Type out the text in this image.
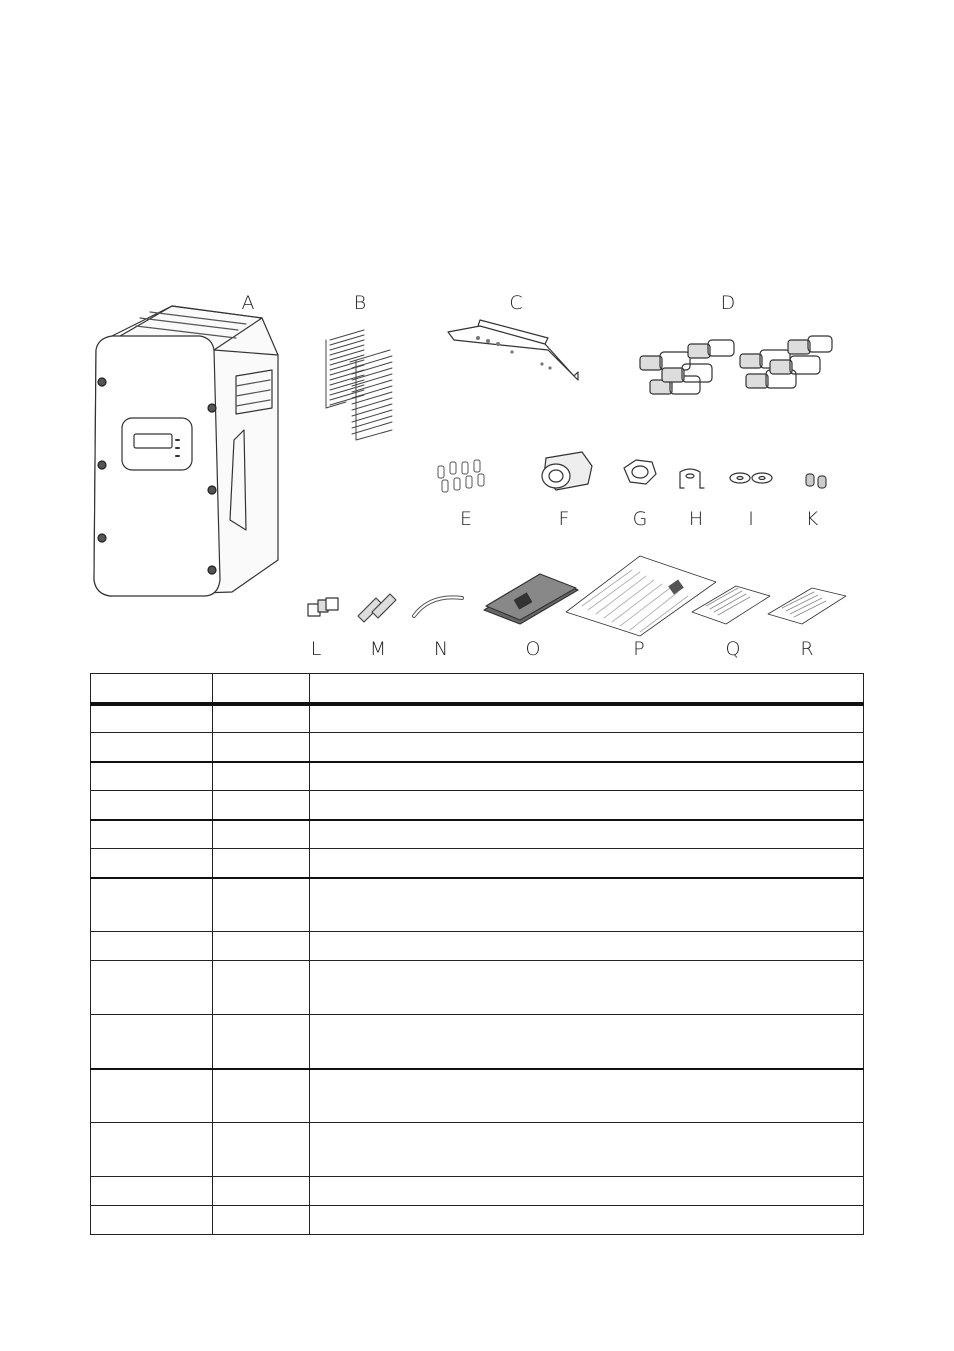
A	B	C	D
E	F	G H I	K
L	M	N	O	P	Q	R
